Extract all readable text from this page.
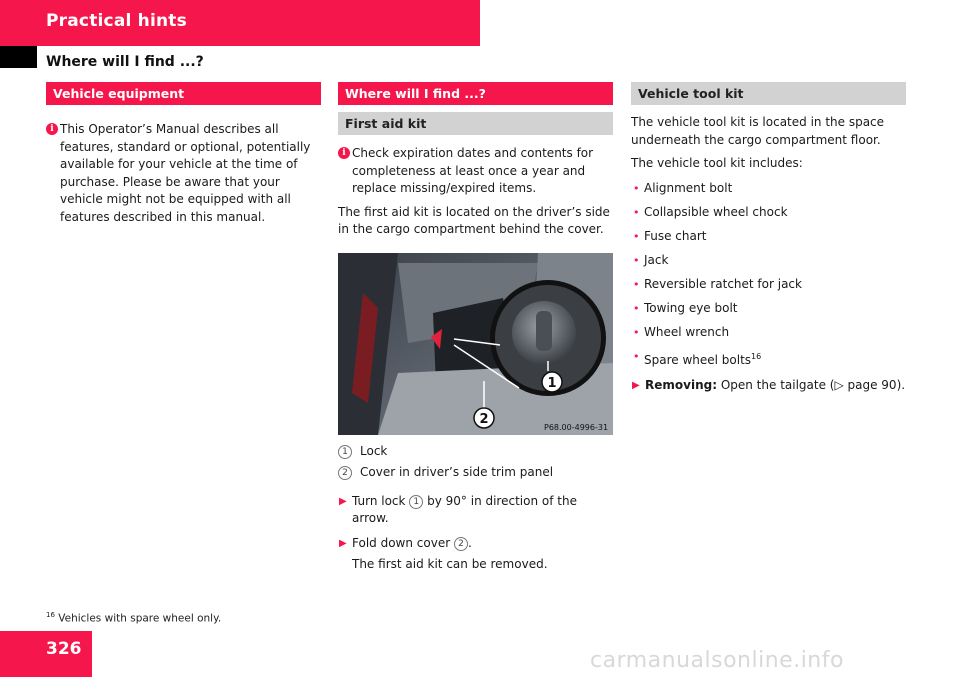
Practical hints
Where will I find ...?
Vehicle equipment
i This Operator’s Manual describes all features, standard or optional, potentially available for your vehicle at the time of purchase. Please be aware that your vehicle might not be equipped with all features described in this manual.
Where will I find ...?
First aid kit
i Check expiration dates and contents for completeness at least once a year and replace missing/expired items.

The first aid kit is located on the driver’s side in the cargo compartment behind the cover.

1
2
P68.00-4996-31
1	Lock
2	Cover in driver’s side trim panel
▶ Turn lock 1 by 90° in direction of the arrow.
▶ Fold down cover 2 .

The first aid kit can be removed.

Vehicle tool kit

The vehicle tool kit is located in the space underneath the cargo compartment floor.

The vehicle tool kit includes:

• Alignment bolt
• Collapsible wheel chock
• Fuse chart
• Jack
• Reversible ratchet for jack
• Towing eye bolt
• Wheel wrench
• Spare wheel bolts$^{16}$
▶ Removing: Open the tailgate (▷ page 90).
$^{16}$ Vehicles with spare wheel only.
326	carmanualsonline.info
